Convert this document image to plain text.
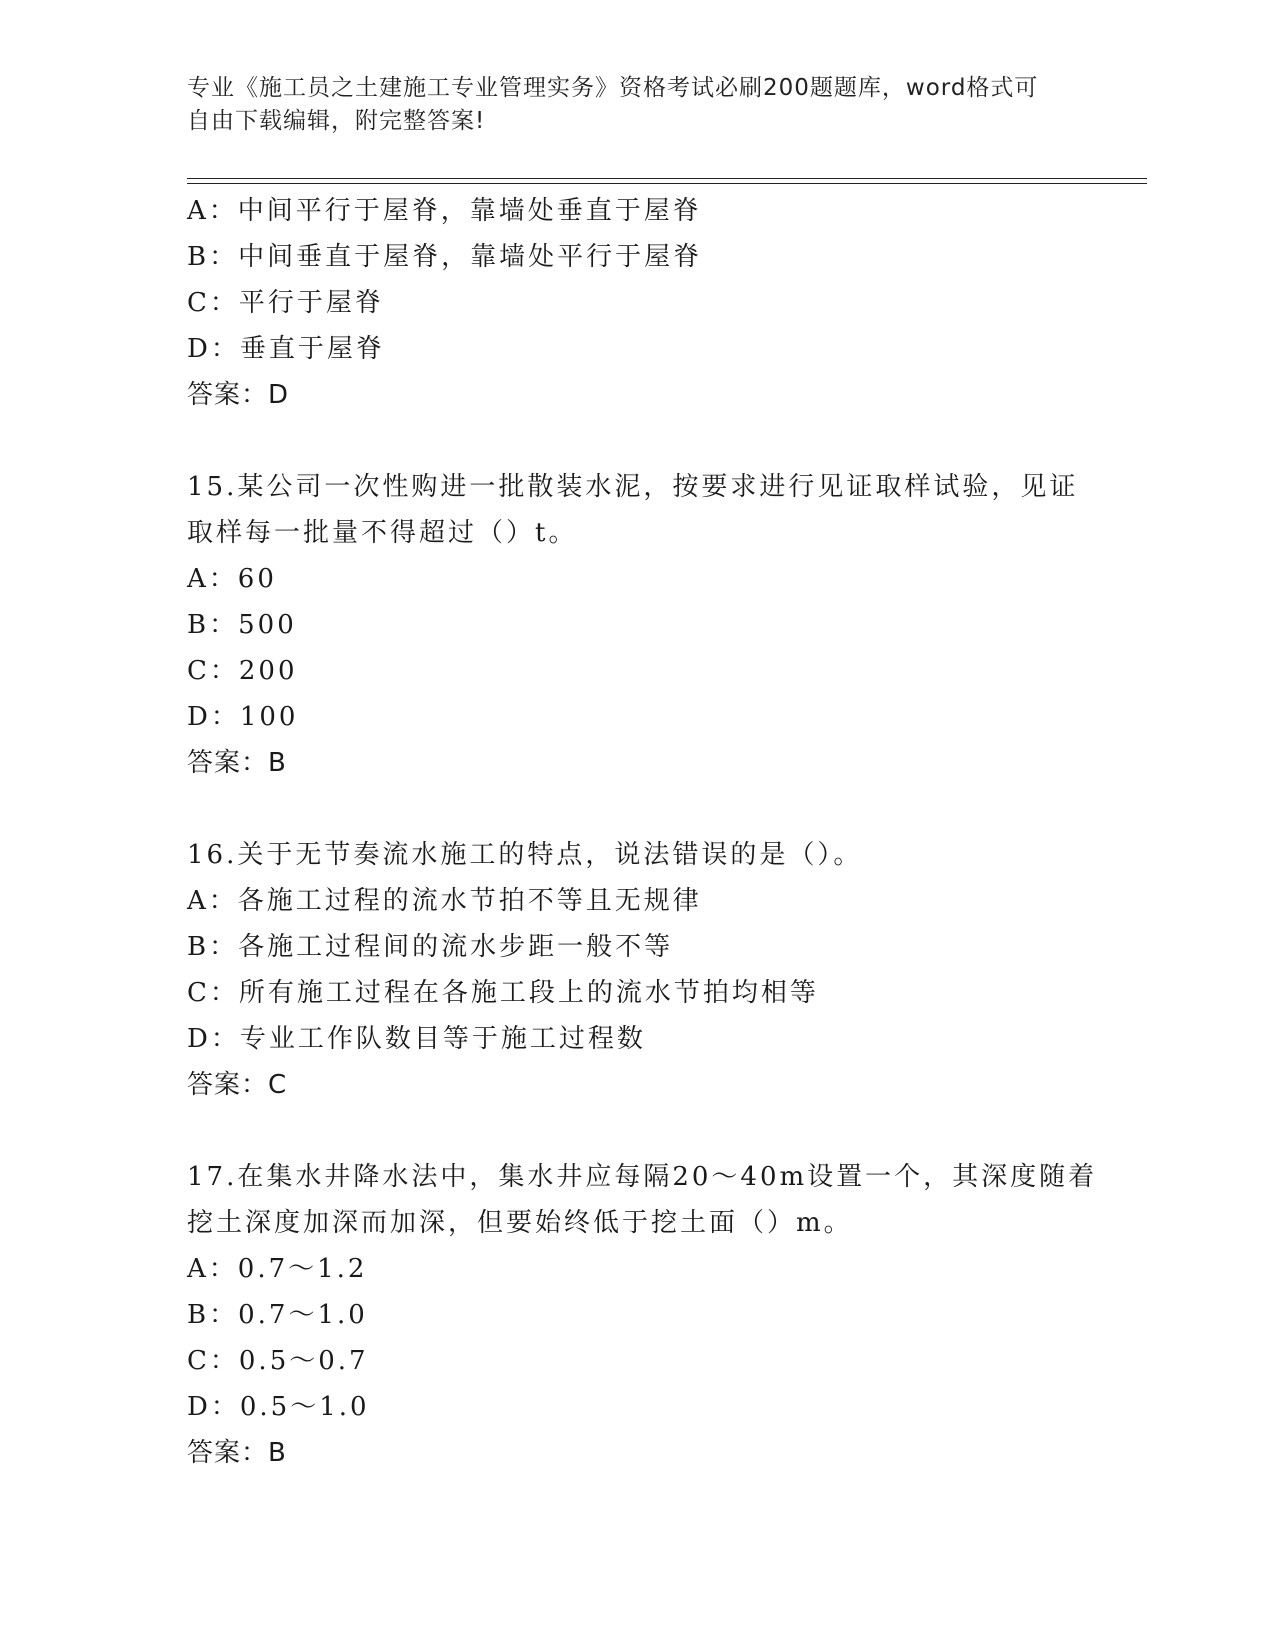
专业《施工员之土建施工专业管理实务》资格考试必刷200题题库，word格式可
自由下载编辑，附完整答案!
A：中间平行于屋脊，靠墙处垂直于屋脊
B：中间垂直于屋脊，靠墙处平行于屋脊
C：平行于屋脊
D：垂直于屋脊
答案：D
15.某公司一次性购进一批散装水泥，按要求进行见证取样试验，见证
取样每一批量不得超过（）t。
A：60
B：500
C：200
D：100
答案：B
16.关于无节奏流水施工的特点，说法错误的是（）。
A：各施工过程的流水节拍不等且无规律
B：各施工过程间的流水步距一般不等
C：所有施工过程在各施工段上的流水节拍均相等
D：专业工作队数目等于施工过程数
答案：C
17.在集水井降水法中，集水井应每隔20～40m设置一个，其深度随着
挖土深度加深而加深，但要始终低于挖土面（）m。
A：0.7～1.2
B：0.7～1.0
C：0.5～0.7
D：0.5～1.0
答案：B
